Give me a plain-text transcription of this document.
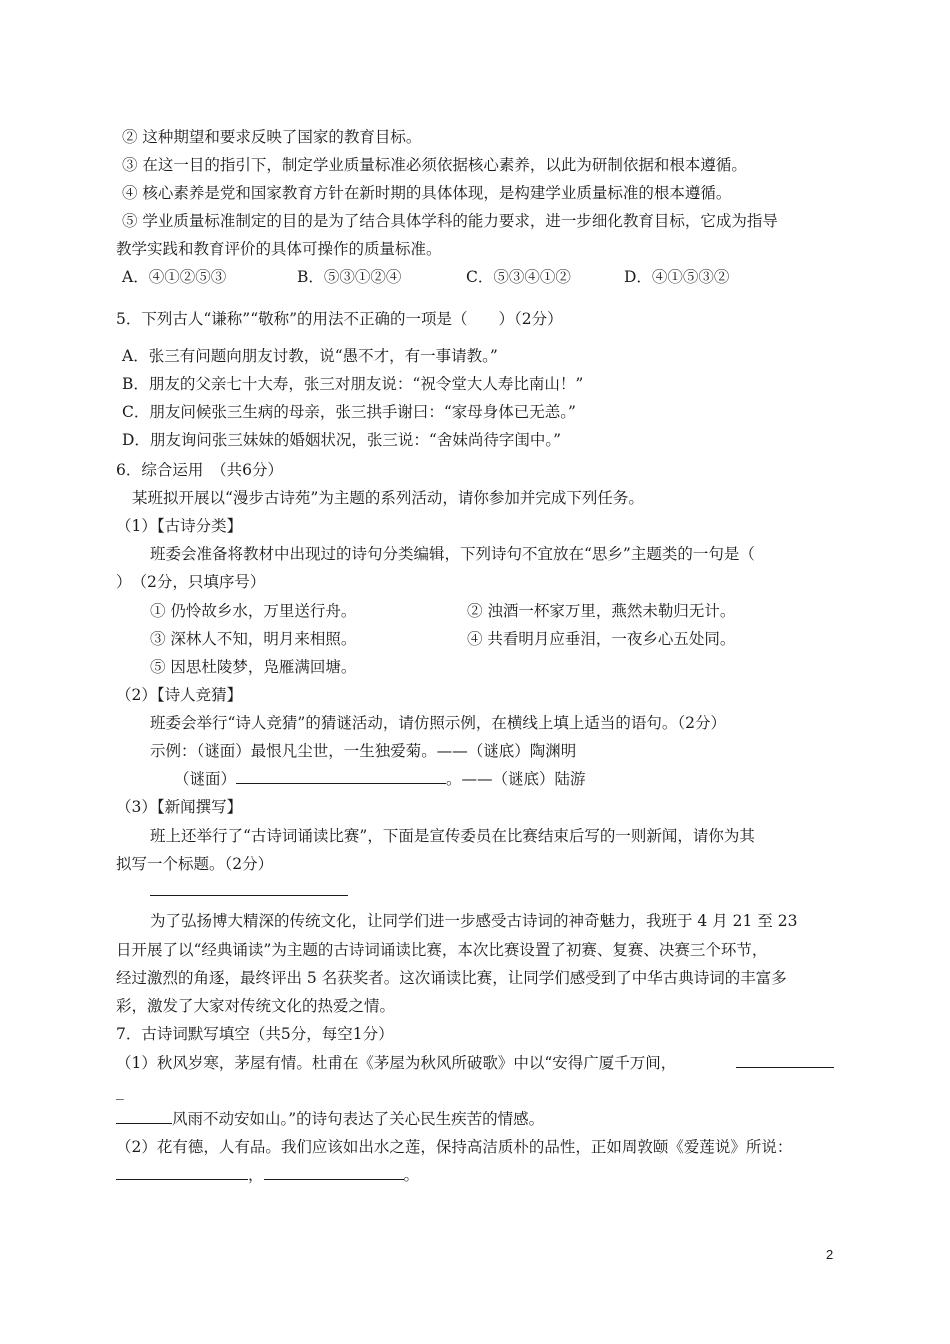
② 这种期望和要求反映了国家的教育目标。
③ 在这一目的指引下，制定学业质量标准必须依据核心素养，以此为研制依据和根本遵循。
④ 核心素养是党和国家教育方针在新时期的具体体现，是构建学业质量标准的根本遵循。
⑤ 学业质量标准制定的目的是为了结合具体学科的能力要求，进一步细化教育目标，它成为指导
教学实践和教育评价的具体可操作的质量标准。
A．④①②⑤③	B．⑤③①②④	C．⑤③④①②	D．④①⑤③②
5．下列古人“谦称”“敬称”的用法不正确的一项是（　　）（2分）
A．张三有问题向朋友讨教，说“愚不才，有一事请教。”
B．朋友的父亲七十大寿，张三对朋友说：“祝令堂大人寿比南山！”
C．朋友问候张三生病的母亲，张三拱手谢曰：“家母身体已无恙。”
D．朋友询问张三妹妹的婚姻状况，张三说：“舍妹尚待字闺中。”
6．综合运用　（共6分）
某班拟开展以“漫步古诗苑”为主题的系列活动，请你参加并完成下列任务。
（1）【古诗分类】
班委会准备将教材中出现过的诗句分类编辑，下列诗句不宜放在“思乡”主题类的一句是（
）　（2分，只填序号）
① 仍怜故乡水，万里送行舟。	② 浊酒一杯家万里，燕然未勒归无计。
③ 深林人不知，明月来相照。	④ 共看明月应垂泪，一夜乡心五处同。
⑤ 因思杜陵梦，凫雁满回塘。
（2）【诗人竞猜】
班委会举行“诗人竞猜”的猜谜活动，请仿照示例，在横线上填上适当的语句。（2分）
示例：（谜面）最恨凡尘世，一生独爱菊。——（谜底）陶渊明
（谜面）	。——（谜底）陆游
（3）【新闻撰写】
班上还举行了“古诗词诵读比赛”，下面是宣传委员在比赛结束后写的一则新闻，请你为其
拟写一个标题。（2分）
为了弘扬博大精深的传统文化，让同学们进一步感受古诗词的神奇魅力，我班于 4 月 21 至 23
日开展了以“经典诵读”为主题的古诗词诵读比赛，本次比赛设置了初赛、复赛、决赛三个环节，
经过激烈的角逐，最终评出 5 名获奖者。这次诵读比赛，让同学们感受到了中华古典诗词的丰富多
彩，激发了大家对传统文化的热爱之情。
7．古诗词默写填空（共5分，每空1分）
（1）秋风岁寒，茅屋有情。杜甫在《茅屋为秋风所破歌》中以“安得广厦千万间，
_
风雨不动安如山。”的诗句表达了关心民生疾苦的情感。
（2）花有德，人有品。我们应该如出水之莲，保持高洁质朴的品性，正如周敦颐《爱莲说》所说：
，	。
2
